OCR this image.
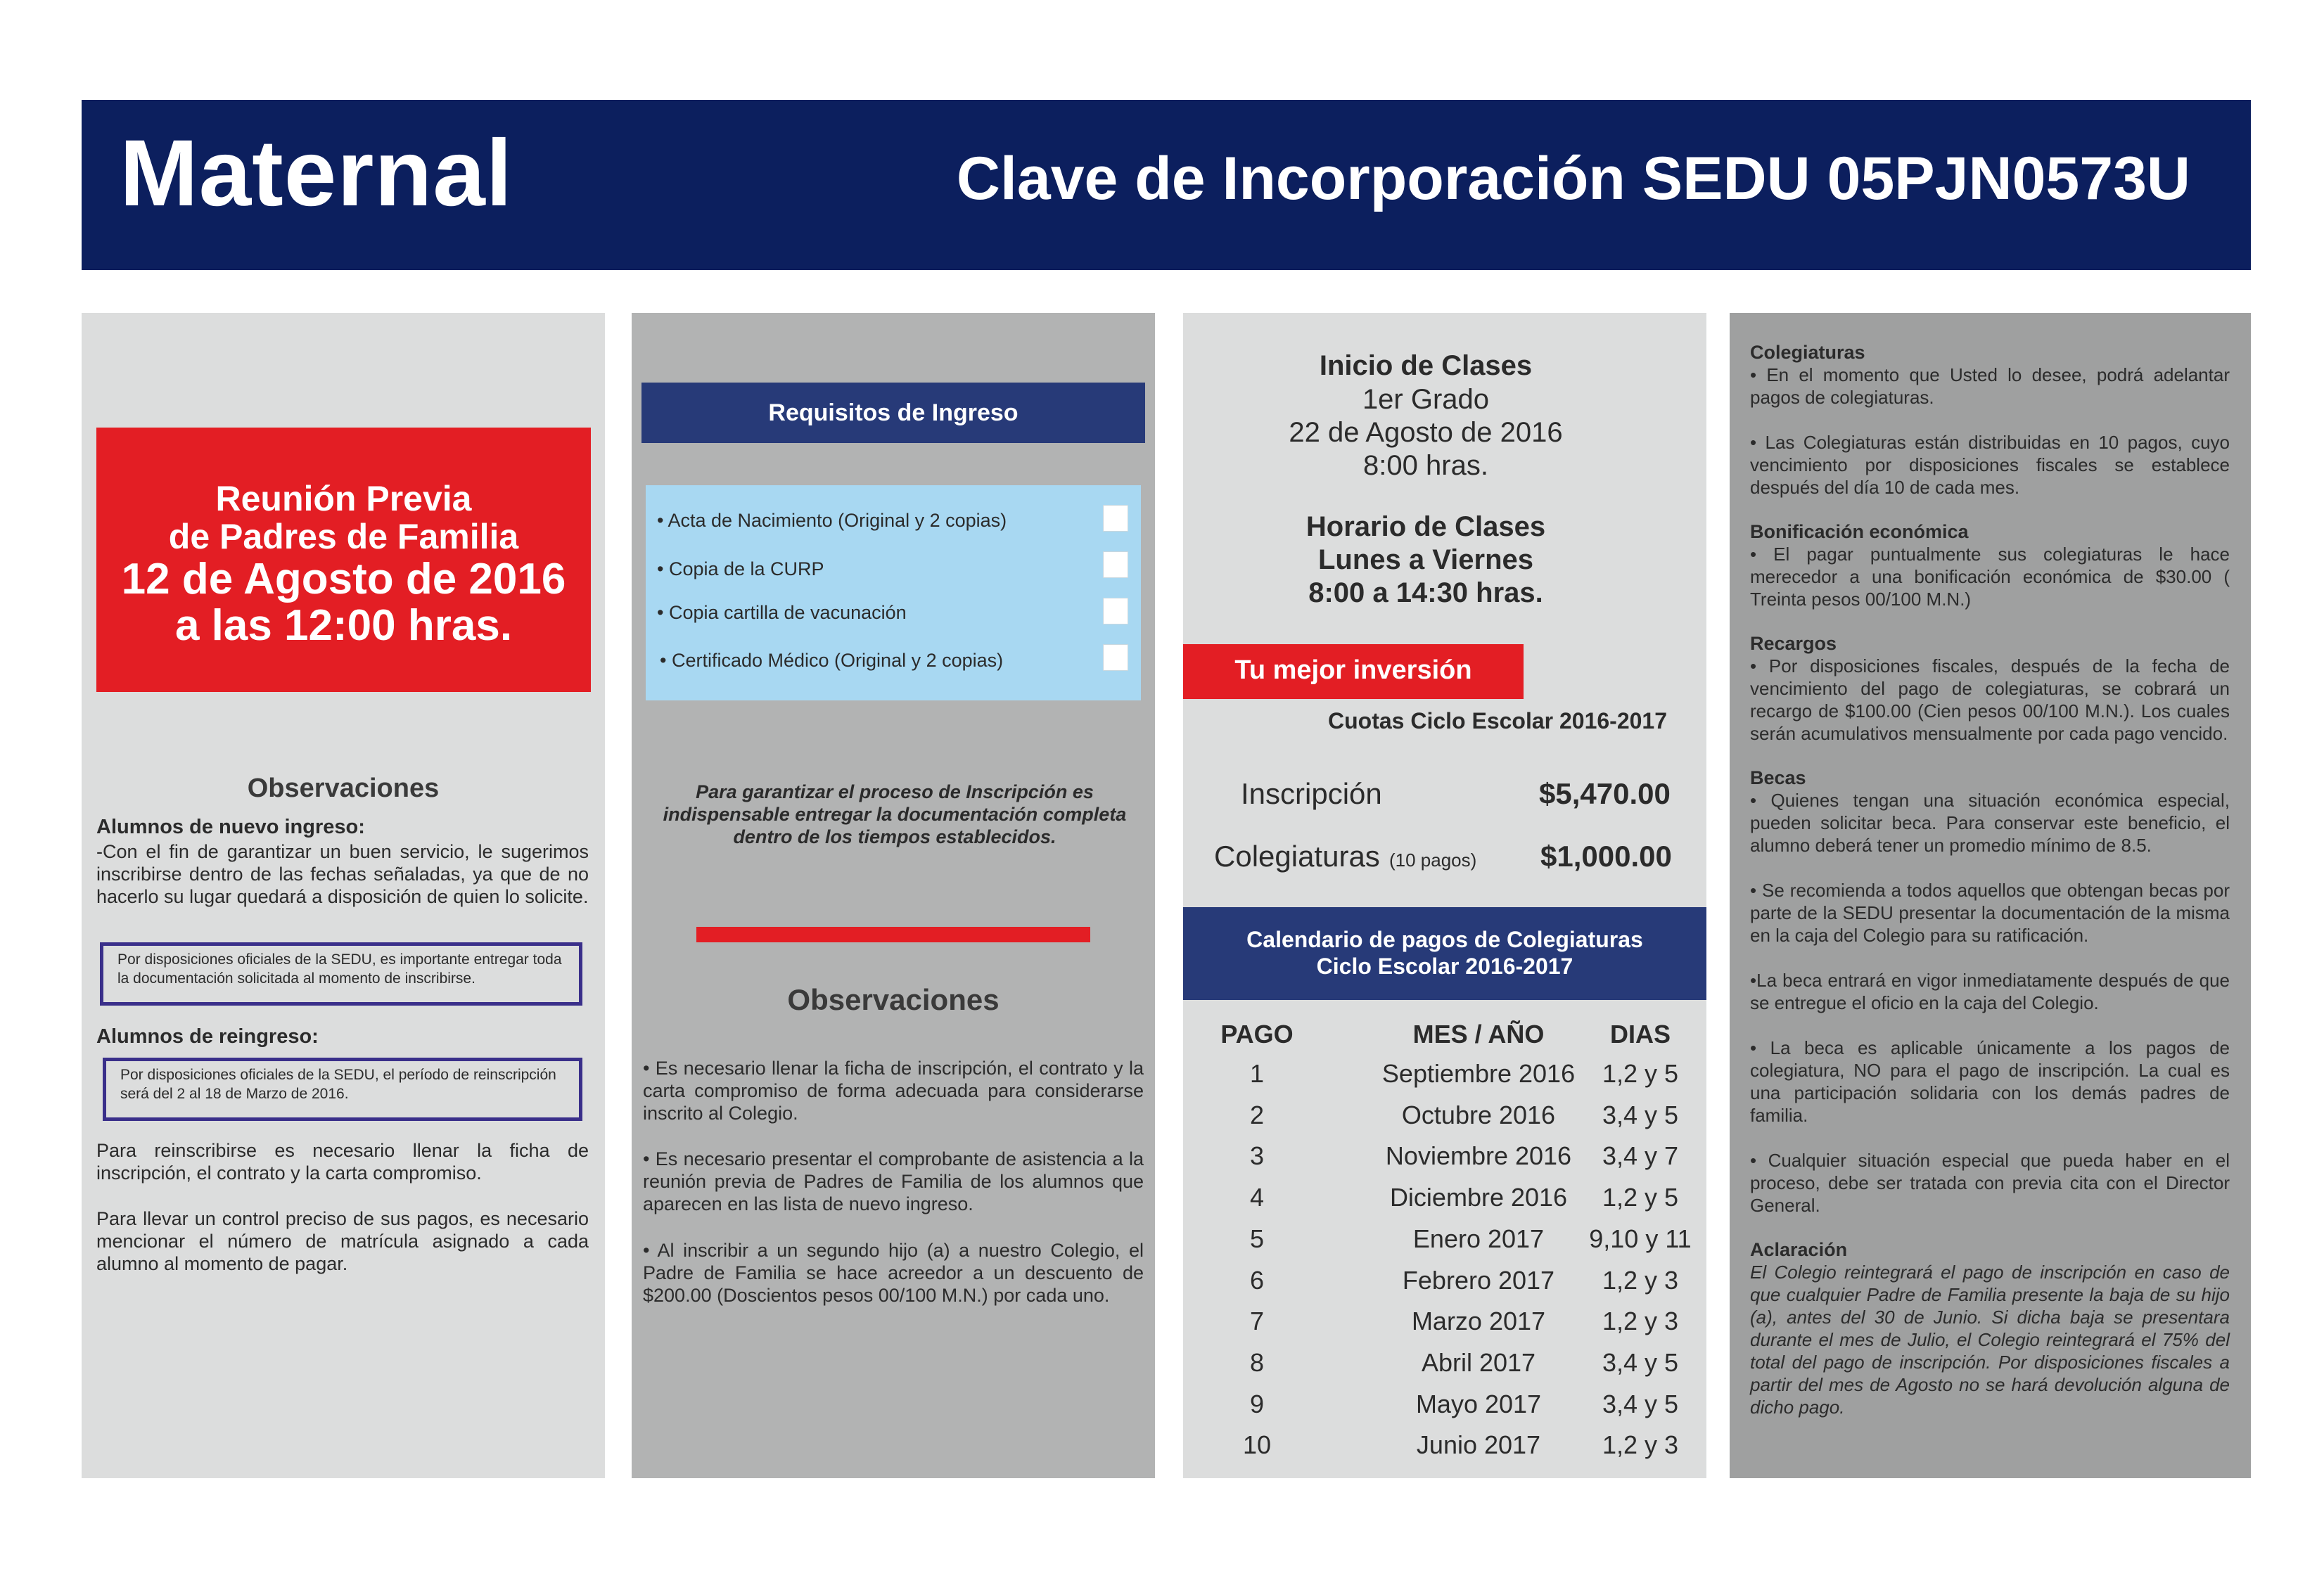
Maternal	Clave de Incorporación SEDU 05PJN0573U
Reunión Previa
de Padres de Familia
12 de Agosto de 2016
a las 12:00 hras.
Observaciones
Alumnos de nuevo ingreso:
-Con el fin de garantizar un buen servicio, le sugerimos inscribirse dentro de las fechas señaladas, ya que de no hacerlo su lugar quedará a disposición de quien lo solicite.
Por disposiciones oficiales de la SEDU, es importante entregar toda la documentación solicitada al momento de inscribirse.
Alumnos de reingreso:
Por disposiciones oficiales de la SEDU, el período de reinscripción será del 2 al 18 de Marzo de 2016.
Para reinscribirse es necesario llenar la ficha de inscripción, el contrato y la carta compromiso.
Para llevar un control preciso de sus pagos, es necesario mencionar el número de matrícula asignado a cada alumno al momento de pagar.
Requisitos de Ingreso
• Acta de Nacimiento (Original y 2 copias)
• Copia de la CURP
• Copia cartilla de vacunación
• Certificado Médico (Original y 2 copias)
Para garantizar el proceso de Inscripción es indispensable entregar la documentación completa dentro de los tiempos establecidos.
Observaciones
• Es necesario llenar la ficha de inscripción, el contrato y la carta compromiso de forma adecuada para considerarse inscrito al Colegio.
• Es necesario presentar el comprobante de asistencia a la reunión previa de Padres de Familia de los alumnos que aparecen en las lista de nuevo ingreso.
• Al inscribir a un segundo hijo (a) a nuestro Colegio, el Padre de Familia se hace acreedor a un descuento de $200.00 (Doscientos pesos 00/100 M.N.) por cada uno.
Inicio de Clases
1er Grado
22 de Agosto de 2016
8:00 hras.
Horario de Clases
Lunes a Viernes
8:00 a 14:30 hras.
Tu mejor inversión
Cuotas Ciclo Escolar 2016-2017
Inscripción	$5,470.00
Colegiaturas (10 pagos) $1,000.00
Calendario de pagos de Colegiaturas
Ciclo Escolar 2016-2017
PAGO	MES / AÑO	DIAS
1	Septiembre 2016	1,2 y 5
2	Octubre 2016	3,4 y 5
3	Noviembre 2016	3,4 y 7
4	Diciembre 2016	1,2 y 5
5	Enero 2017	9,10 y 11
6	Febrero 2017	1,2 y 3
7	Marzo 2017	1,2 y 3
8	Abril 2017	3,4 y 5
9	Mayo 2017	3,4 y 5
10	Junio 2017	1,2 y 3
Colegiaturas
• En el momento que Usted lo desee, podrá adelantar pagos de colegiaturas.
• Las Colegiaturas están distribuidas en 10 pagos, cuyo vencimiento por disposiciones fiscales se establece después del día 10 de cada mes.
Bonificación económica
• El pagar puntualmente sus colegiaturas le hace merecedor a una bonificación económica de $30.00 ( Treinta pesos 00/100 M.N.)
Recargos
• Por disposiciones fiscales, después de la fecha de vencimiento del pago de colegiaturas, se cobrará un recargo de $100.00 (Cien pesos 00/100 M.N.). Los cuales serán acumulativos mensualmente por cada pago vencido.
Becas
• Quienes tengan una situación económica especial, pueden solicitar beca. Para conservar este beneficio, el alumno deberá tener un promedio mínimo de 8.5.
• Se recomienda a todos aquellos que obtengan becas por parte de la SEDU presentar la documentación de la misma en la caja del Colegio para su ratificación.
•La beca entrará en vigor inmediatamente después de que se entregue el oficio en la caja del Colegio.
• La beca es aplicable únicamente a los pagos de colegiatura, NO para el pago de inscripción. La cual es una participación solidaria con los demás padres de familia.
• Cualquier situación especial que pueda haber en el proceso, debe ser tratada con previa cita con el Director General.
Aclaración
El Colegio reintegrará el pago de inscripción en caso de que cualquier Padre de Familia presente la baja de su hijo (a), antes del 30 de Junio. Si dicha baja se presentara durante el mes de Julio, el Colegio reintegrará el 75% del total del pago de inscripción. Por disposiciones fiscales a partir del mes de Agosto no se hará devolución alguna de dicho pago.
